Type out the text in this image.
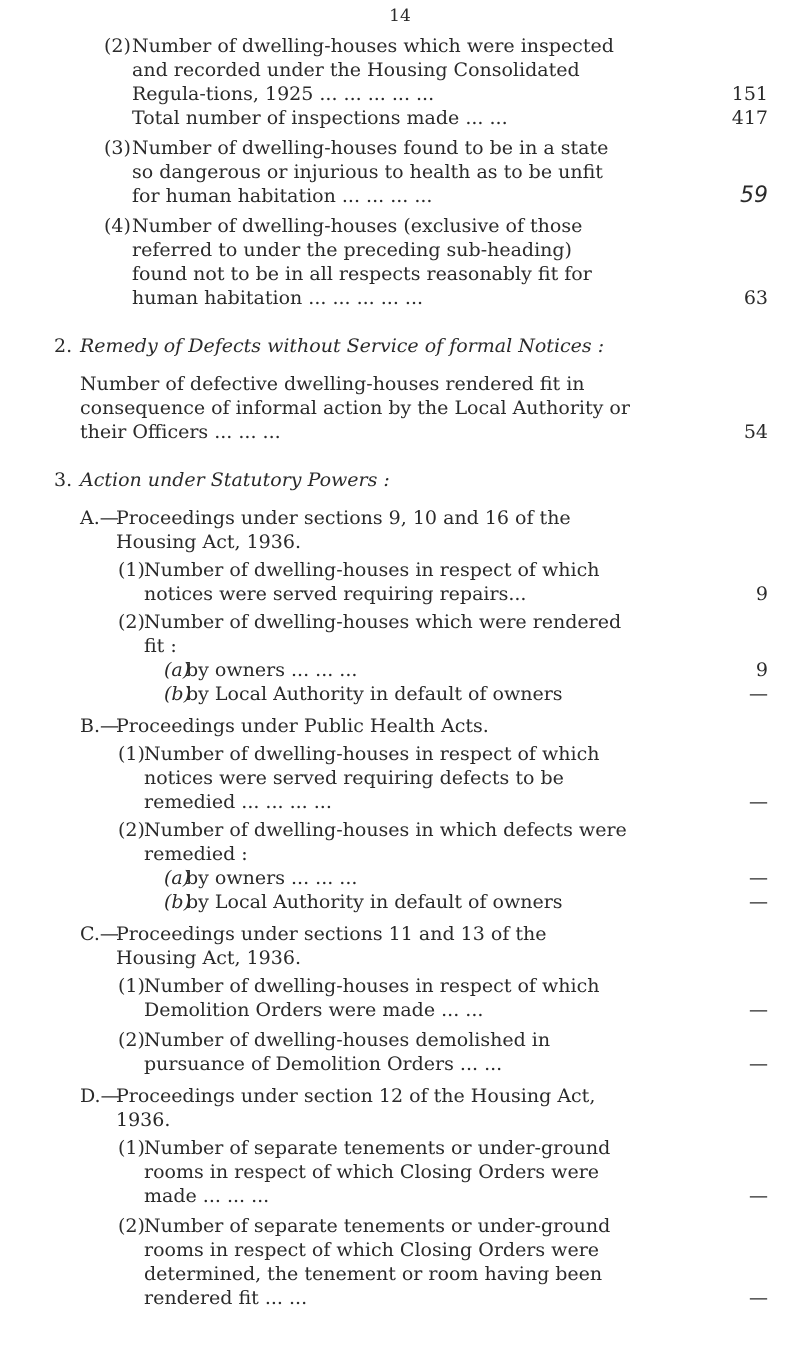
14
(2) Number of dwelling-houses which were inspected and recorded under the Housing Consolidated Regula-tions, 1925 ... ... ... ... ...	151
Total number of inspections made ... ...	417
(3) Number of dwelling-houses found to be in a state so dangerous or injurious to health as to be unfit for human habitation ... ... ... ...	59
(4) Number of dwelling-houses (exclusive of those referred to under the preceding sub-heading) found not to be in all respects reasonably fit for human habitation ... ... ... ... ...	63
2. Remedy of Defects without Service of formal Notices :
Number of defective dwelling-houses rendered fit in consequence of informal action by the Local Authority or their Officers ... ... ...	54
3. Action under Statutory Powers :
A.—
Proceedings under sections 9, 10 and 16 of the Housing Act, 1936.
(1) Number of dwelling-houses in respect of which notices were served requiring repairs...	9
(2) Number of dwelling-houses which were rendered fit :
(a)
by owners ... ... ...	9
(b)
by Local Authority in default of owners	—
B.—
Proceedings under Public Health Acts.
(1) Number of dwelling-houses in respect of which notices were served requiring defects to be remedied ... ... ... ...	—
(2) Number of dwelling-houses in which defects were remedied :
(a)
by owners ... ... ...	—
(b)
by Local Authority in default of owners	—
C.—
Proceedings under sections 11 and 13 of the Housing Act, 1936.
(1) Number of dwelling-houses in respect of which Demolition Orders were made ... ...	—
(2) Number of dwelling-houses demolished in pursuance of Demolition Orders ... ...	—
D.—
Proceedings under section 12 of the Housing Act, 1936.
(1) Number of separate tenements or under-ground rooms in respect of which Closing Orders were made ... ... ...	—
(2) Number of separate tenements or under-ground rooms in respect of which Closing Orders were determined, the tenement or room having been rendered fit ... ...	—
